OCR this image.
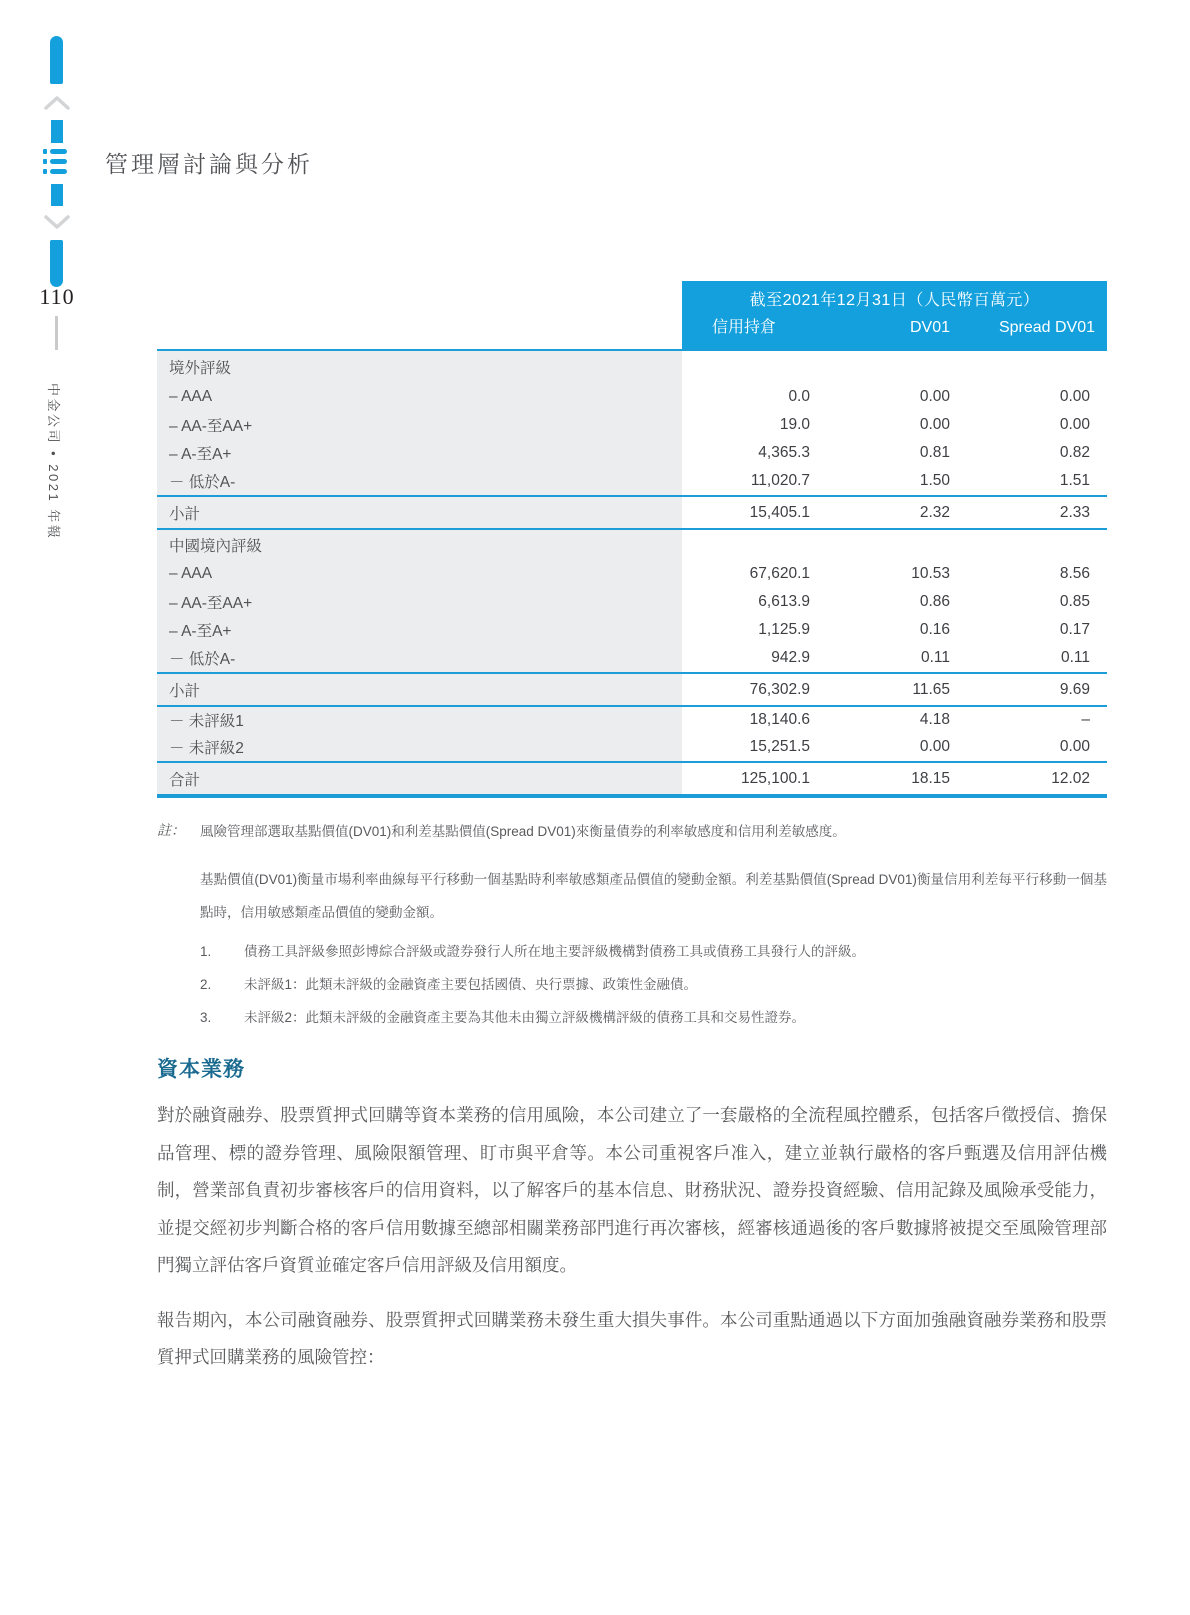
110
中金公司 • 2021 年報
管理層討論與分析
截至2021年12月31日（人民幣百萬元）
信用持倉	DV01	Spread DV01
境外評級
– AAA	0.0	0.00	0.00
– AA-至AA+	19.0	0.00	0.00
– A-至A+	4,365.3	0.81	0.82
－ 低於A-	11,020.7	1.50	1.51
小計	15,405.1	2.32	2.33
中國境內評級
– AAA	67,620.1	10.53	8.56
– AA-至AA+	6,613.9	0.86	0.85
– A-至A+	1,125.9	0.16	0.17
－ 低於A-	942.9	0.11	0.11
小計	76,302.9	11.65	9.69
－ 未評級1	18,140.6	4.18	–
－ 未評級2	15,251.5	0.00	0.00
合計	125,100.1	18.15	12.02
註：	風險管理部選取基點價值(DV01)和利差基點價值(Spread DV01)來衡量債券的利率敏感度和信用利差敏感度。
基點價值(DV01)衡量市場利率曲線每平行移動一個基點時利率敏感類產品價值的變動金額。利差基點價值(Spread DV01)衡量信用利差每平行移動一個基點時，信用敏感類產品價值的變動金額。
1.	債務工具評級參照彭博綜合評級或證券發行人所在地主要評級機構對債務工具或債務工具發行人的評級。
2.	未評級1：此類未評級的金融資產主要包括國債、央行票據、政策性金融債。
3.	未評級2：此類未評級的金融資產主要為其他未由獨立評級機構評級的債務工具和交易性證券。
資本業務
對於融資融券、股票質押式回購等資本業務的信用風險，本公司建立了一套嚴格的全流程風控體系，包括客戶徵授信、擔保品管理、標的證券管理、風險限額管理、盯市與平倉等。本公司重視客戶准入，建立並執行嚴格的客戶甄選及信用評估機制，營業部負責初步審核客戶的信用資料，以了解客戶的基本信息、財務狀況、證券投資經驗、信用記錄及風險承受能力，並提交經初步判斷合格的客戶信用數據至總部相關業務部門進行再次審核，經審核通過後的客戶數據將被提交至風險管理部門獨立評估客戶資質並確定客戶信用評級及信用額度。
報告期內，本公司融資融券、股票質押式回購業務未發生重大損失事件。本公司重點通過以下方面加強融資融券業務和股票質押式回購業務的風險管控：
